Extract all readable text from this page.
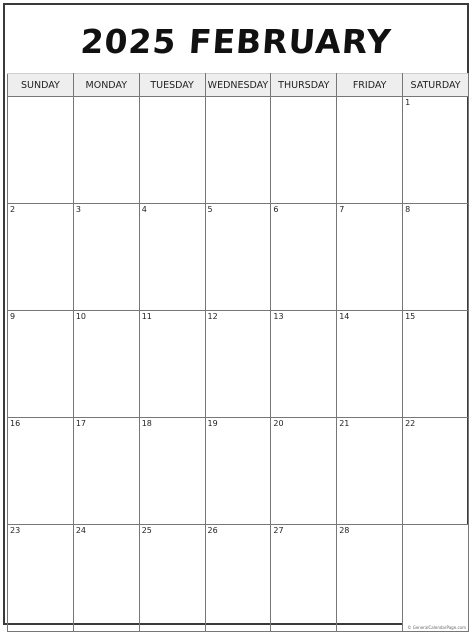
2025 FEBRUARY
SUNDAY	MONDAY	TUESDAY	WEDNESDAY	THURSDAY	FRIDAY	SATURDAY

						1

2	3	4	5	6	7	8

9	10	11	12	13	14	15

16	17	18	19	20	21	22

23	24	25	26	27	28	© GeneralCalendarPage.com
